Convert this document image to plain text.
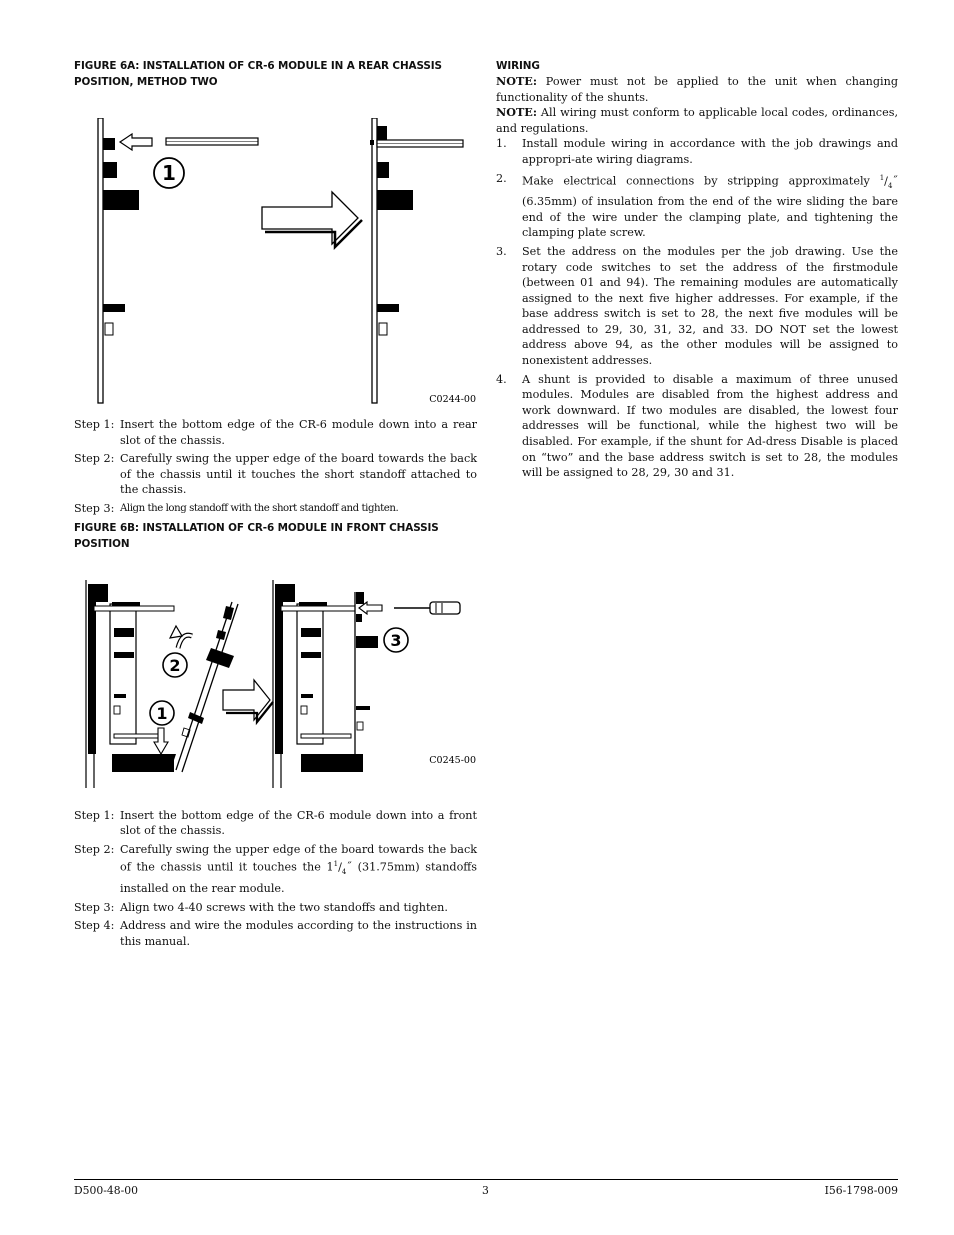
FIGURE 6A: INSTALLATION OF CR-6 MODULE IN A REAR CHASSIS POSITION, METHOD TWO
1
C0244-00
Step 1: Insert the bottom edge of the CR-6 module down into a rear slot of the chassis.
Step 2: Carefully swing the upper edge of the board towards the back of the chassis until it touches the short standoff attached to the chassis.
Step 3: Align the long standoff with the short standoff and tighten.
FIGURE 6B: INSTALLATION OF CR-6 MODULE IN FRONT CHASSIS POSITION
2
1
3
C0245-00
Step 1: Insert the bottom edge of the CR-6 module down into a front slot of the chassis.
Step 2: Carefully swing the upper edge of the board towards the back of the chassis until it touches the $1^1/_4˝$ (31.75mm) standoffs installed on the rear module.
Step 3: Align two 4-40 screws with the two standoffs and tighten.
Step 4: Address and wire the modules according to the instructions in this manual.
WIRING

NOTE: Power must not be applied to the unit when changing functionality of the shunts.

NOTE: All wiring must conform to applicable local codes, ordinances, and regulations.

1.	Install module wiring in accordance with the job drawings and appropri-ate wiring diagrams.
2.	Make electrical connections by stripping approximately $^1/_4˝$ (6.35mm) of insulation from the end of the wire sliding the bare end of the wire under the clamping plate, and tightening the clamping plate screw.
3.	Set the address on the modules per the job drawing. Use the rotary code switches to set the address of the firstmodule (between 01 and 94). The remaining modules are automatically assigned to the next five higher addresses. For example, if the base address switch is set to 28, the next five modules will be addressed to 29, 30, 31, 32, and 33. DO NOT set the lowest address above 94, as the other modules will be assigned to nonexistent addresses.
4.	A shunt is provided to disable a maximum of three unused modules. Modules are disabled from the highest address and work downward. If two modules are disabled, the lowest four addresses will be functional, while the highest two will be disabled. For example, if the shunt for Ad-dress Disable is placed on “two” and the base address switch is set to 28, the modules will be assigned to 28, 29, 30 and 31.
D500-48-00	3	I56-1798-009
